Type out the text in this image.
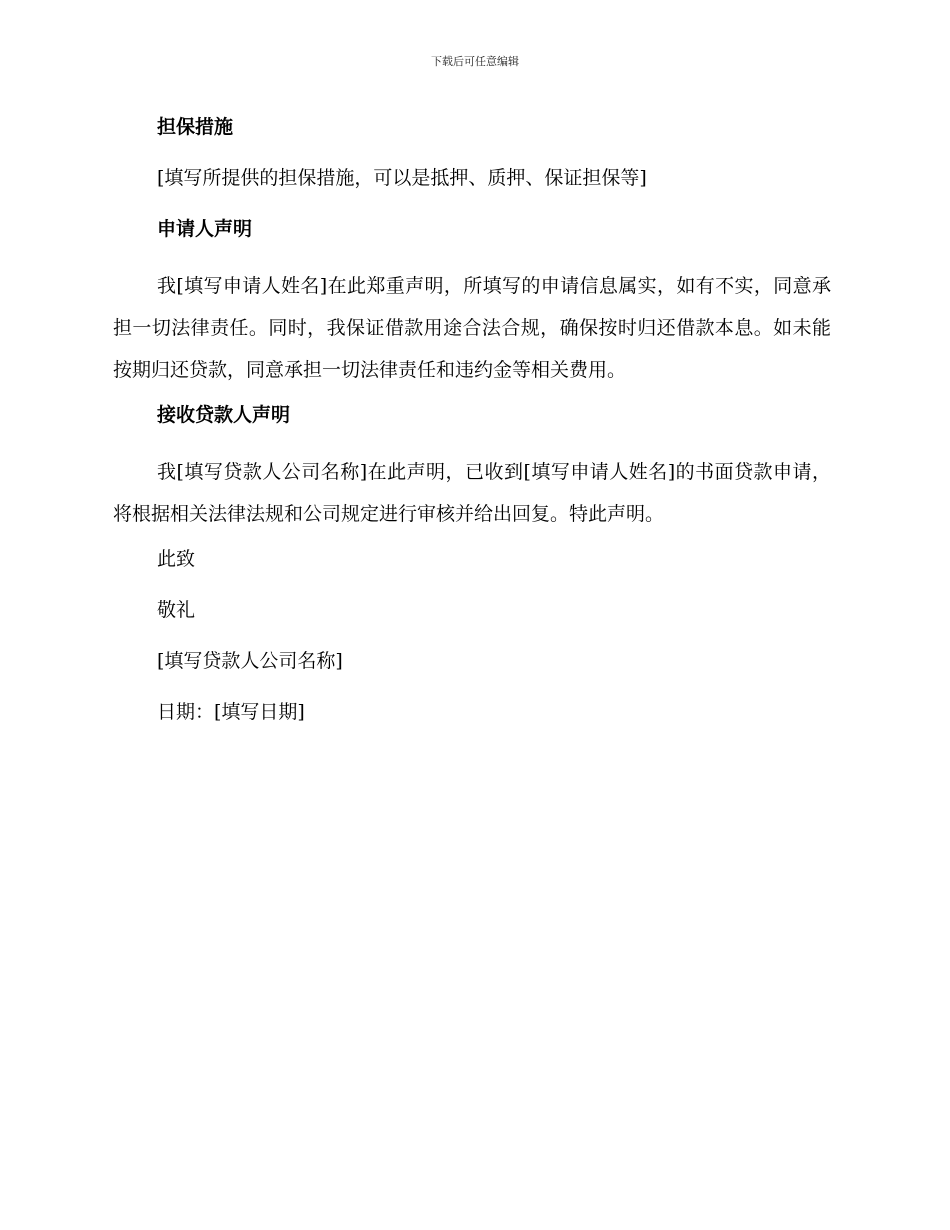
下载后可任意编辑
担保措施
[填写所提供的担保措施，可以是抵押、质押、保证担保等]
申请人声明

我[填写申请人姓名]在此郑重声明，所填写的申请信息属实，如有不实，同意承担一切法律责任。同时，我保证借款用途合法合规，确保按时归还借款本息。如未能按期归还贷款，同意承担一切法律责任和违约金等相关费用。

接收贷款人声明

我[填写贷款人公司名称]在此声明，已收到[填写申请人姓名]的书面贷款申请，将根据相关法律法规和公司规定进行审核并给出回复。特此声明。

此致
敬礼
[填写贷款人公司名称]
日期：[填写日期]
